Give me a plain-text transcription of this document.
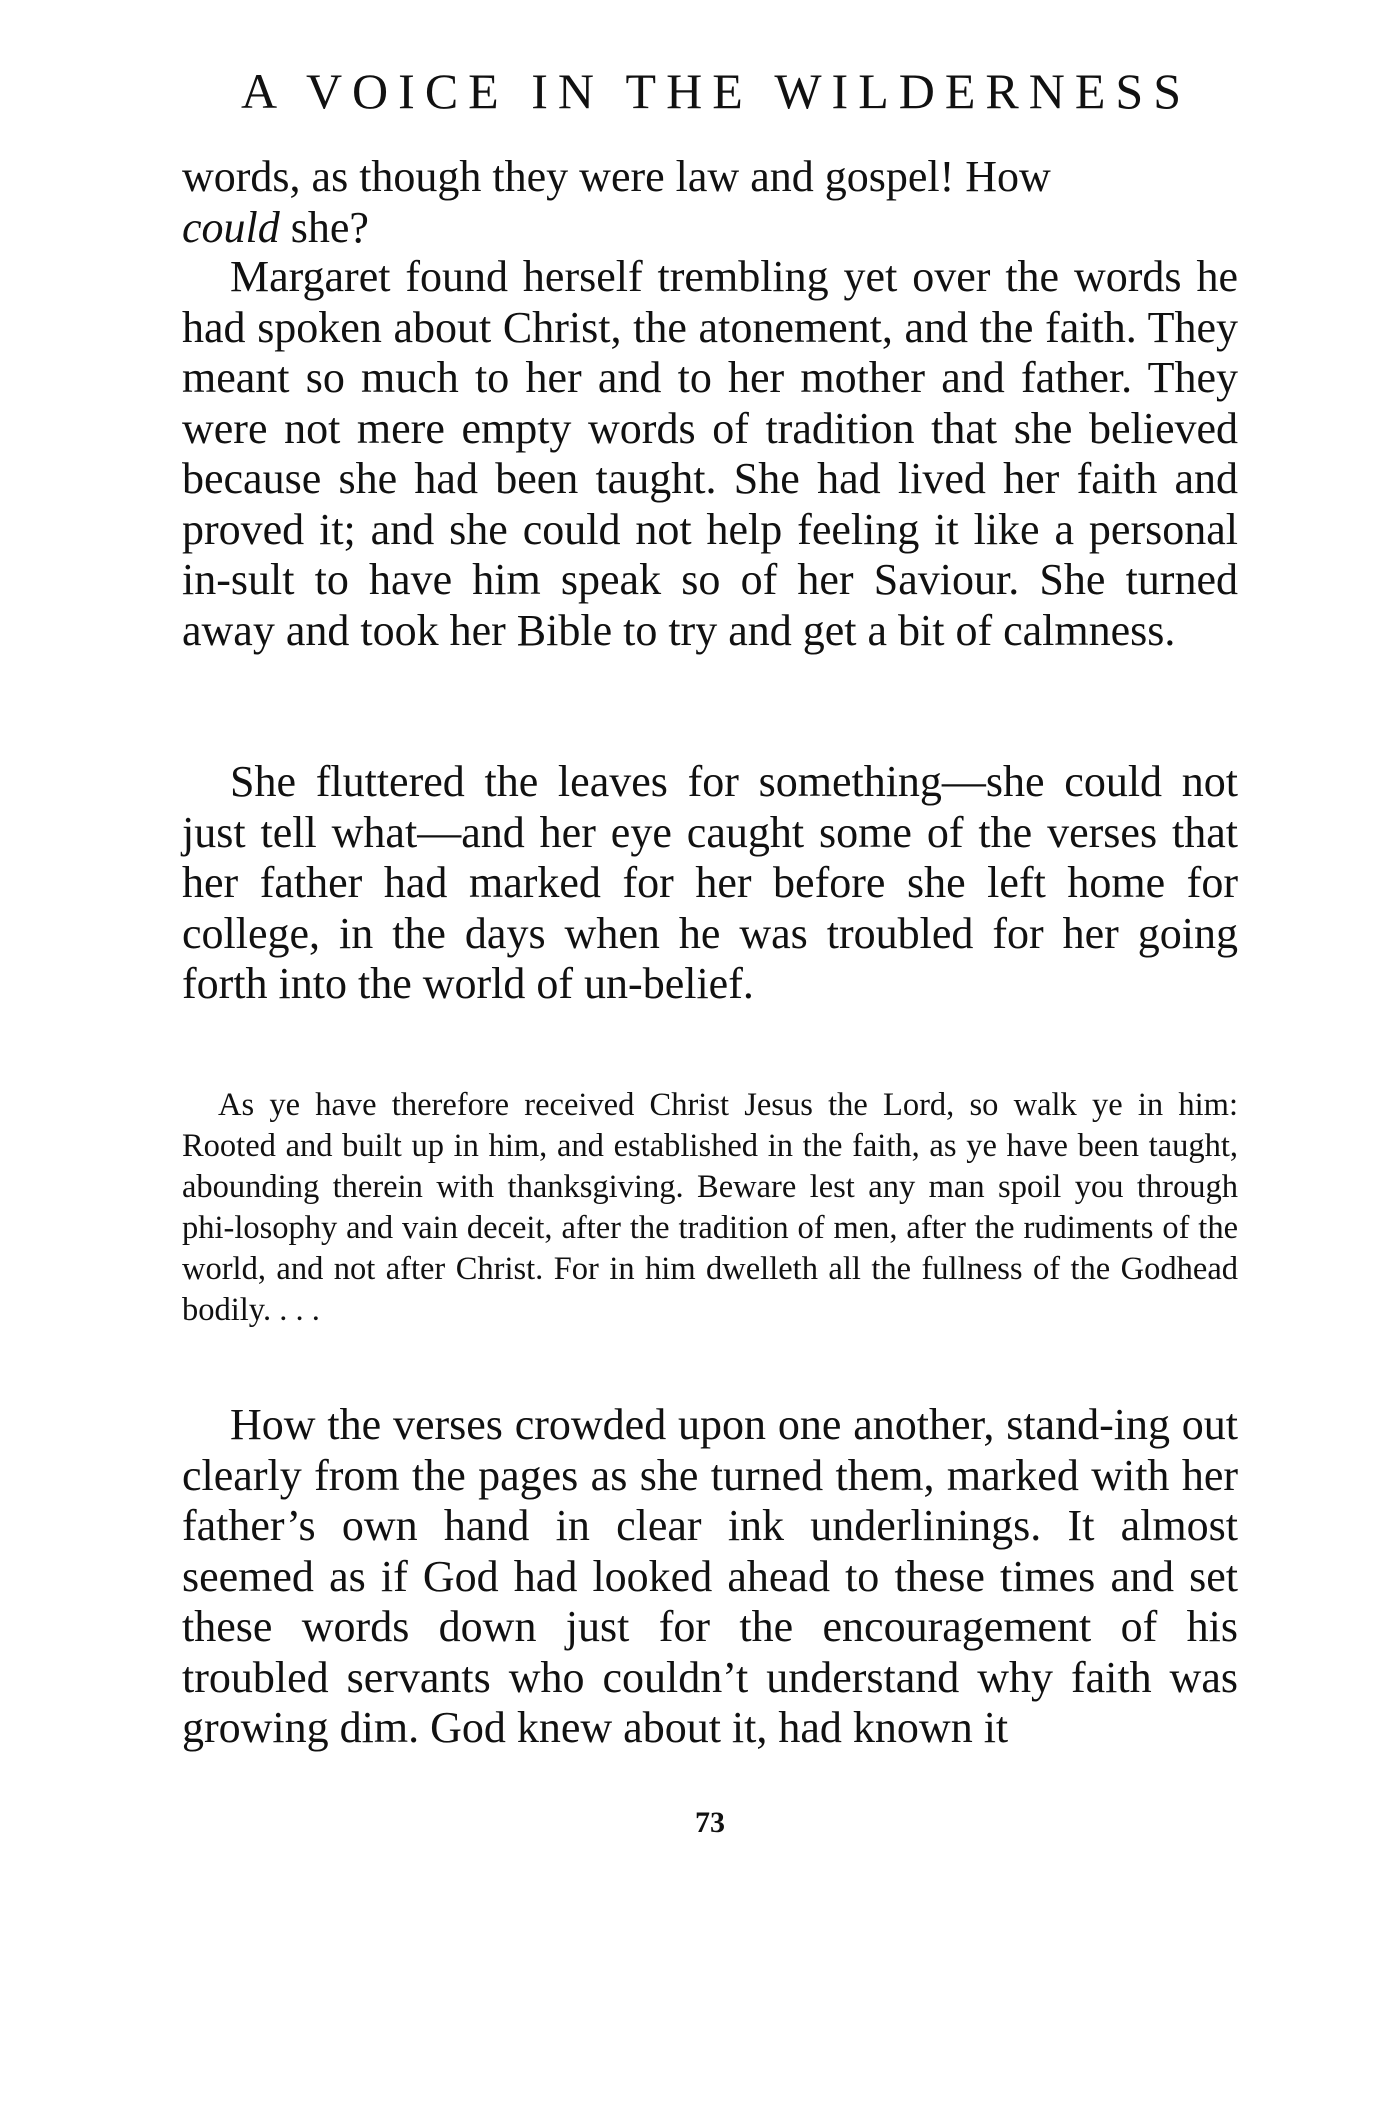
A VOICE IN THE WILDERNESS

words, as though they were law and gospel! How
could she?

Margaret found herself trembling yet over the words he had spoken about Christ, the atonement, and the faith. They meant so much to her and to her mother and father. They were not mere empty words of tradition that she believed because she had been taught. She had lived her faith and proved it; and she could not help feeling it like a personal in-sult to have him speak so of her Saviour. She turned away and took her Bible to try and get a bit of calmness.

She fluttered the leaves for something—she could not just tell what—and her eye caught some of the verses that her father had marked for her before she left home for college, in the days when he was troubled for her going forth into the world of un-belief.

As ye have therefore received Christ Jesus the Lord, so walk ye in him: Rooted and built up in him, and established in the faith, as ye have been taught, abounding therein with thanksgiving. Beware lest any man spoil you through phi-losophy and vain deceit, after the tradition of men, after the rudiments of the world, and not after Christ. For in him dwelleth all the fullness of the Godhead bodily. . . .

How the verses crowded upon one another, stand-ing out clearly from the pages as she turned them, marked with her father’s own hand in clear ink underlinings. It almost seemed as if God had looked ahead to these times and set these words down just for the encouragement of his troubled servants who couldn’t understand why faith was growing dim. God knew about it, had known it

73
